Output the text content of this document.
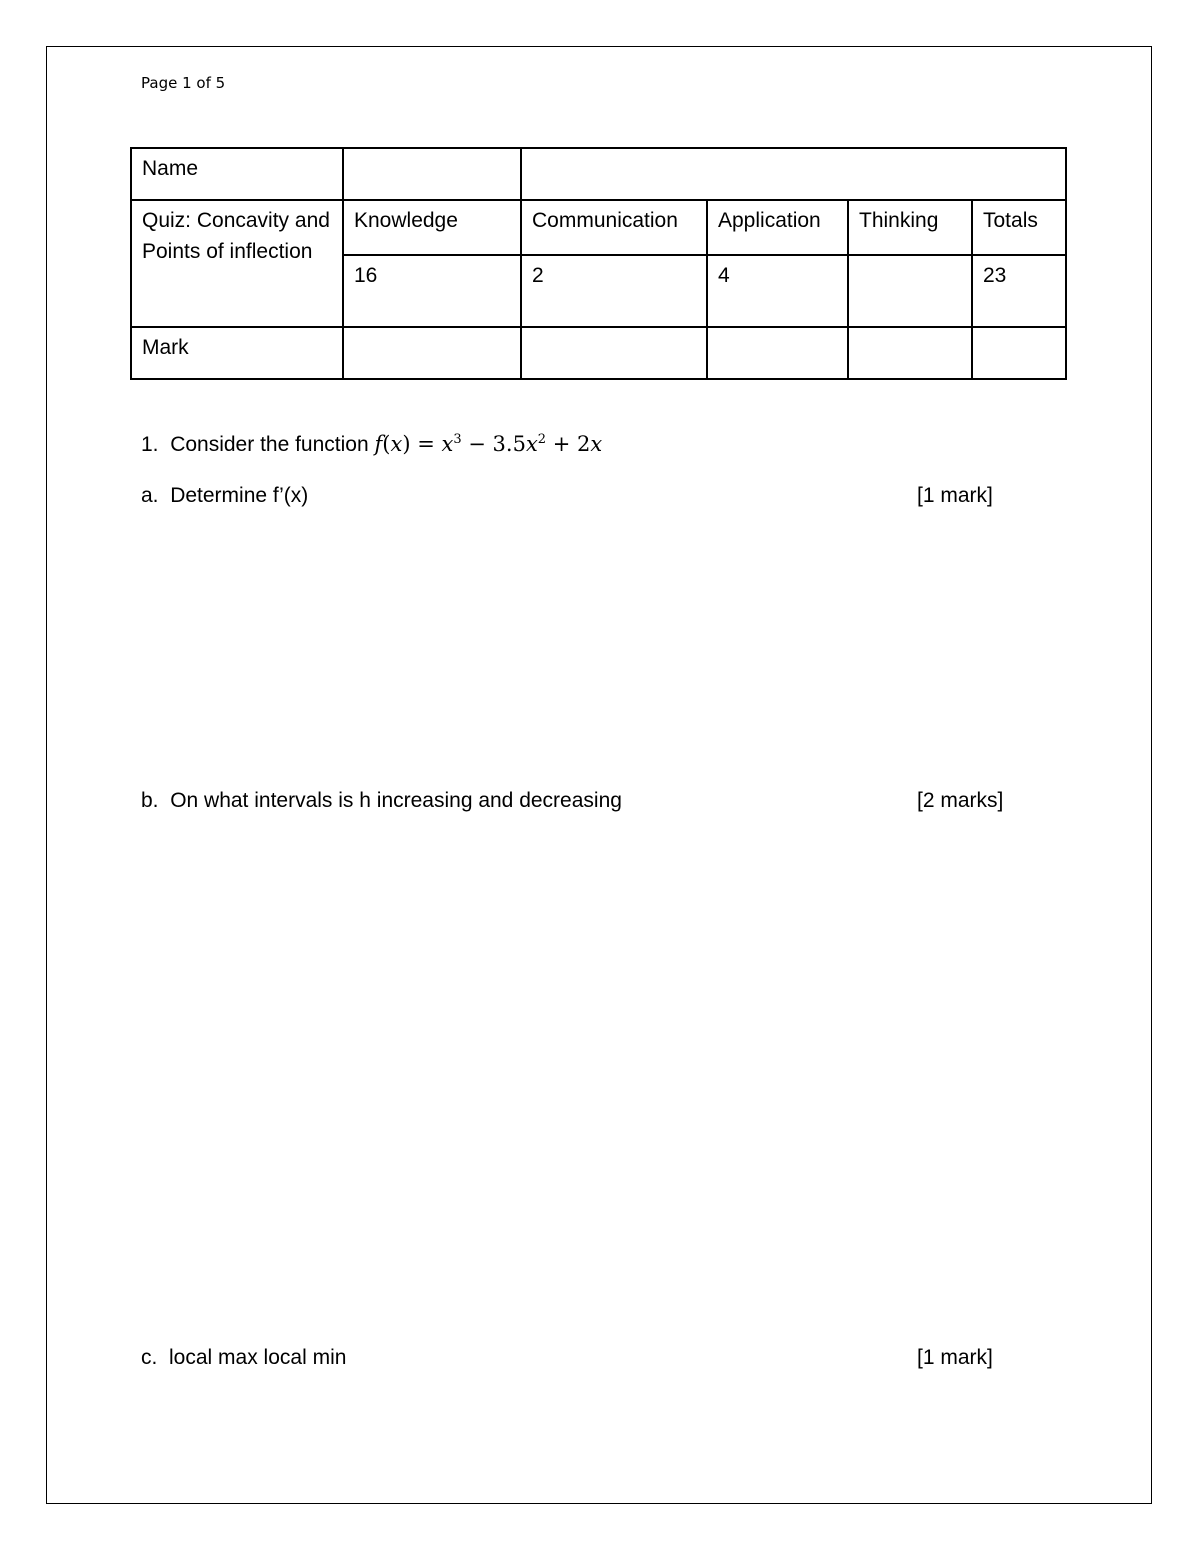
Page 1 of 5
Name					
Quiz: Concavity and Points of inflection	Knowledge	Communication	Application	Thinking	Totals
	16	2	4		23
Mark					
1. Consider the function $f(x) = x^3 - 3.5x^2 + 2x$
a. Determine f’(x)	[1 mark]
b. On what intervals is h increasing and decreasing	[2 marks]
c. local max local min	[1 mark]
